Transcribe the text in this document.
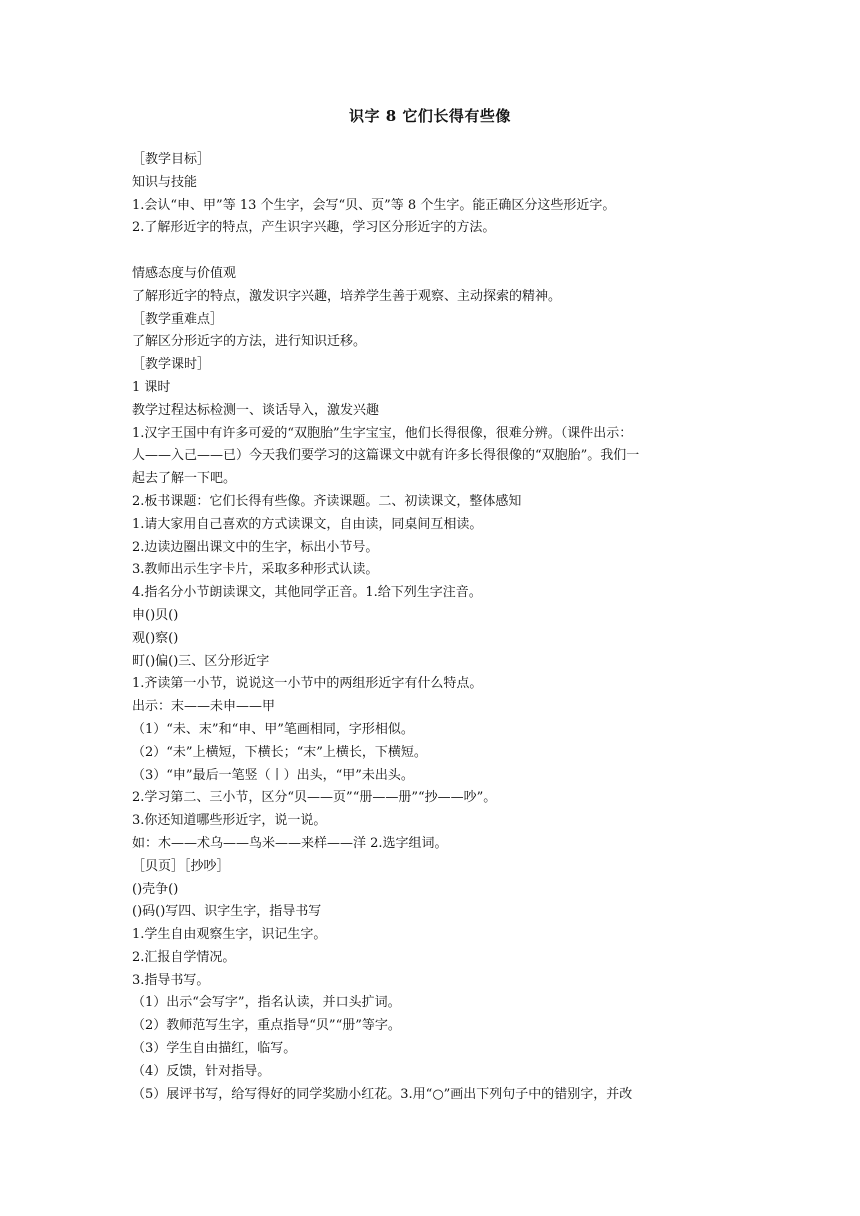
识字 8 它们长得有些像
［教学目标］
知识与技能
1.会认“申、甲”等 13 个生字，会写“贝、页”等 8 个生字。能正确区分这些形近字。
2.了解形近字的特点，产生识字兴趣，学习区分形近字的方法。
情感态度与价值观
了解形近字的特点，激发识字兴趣，培养学生善于观察、主动探索的精神。
［教学重难点］
了解区分形近字的方法，进行知识迁移。
［教学课时］
1 课时
教学过程达标检测一、谈话导入，激发兴趣
1.汉字王国中有许多可爱的“双胞胎”生字宝宝，他们长得很像，很难分辨。（课件出示：
人——入己——已）今天我们要学习的这篇课文中就有许多长得很像的“双胞胎”。我们一
起去了解一下吧。
2.板书课题：它们长得有些像。齐读课题。二、初读课文，整体感知
1.请大家用自己喜欢的方式读课文，自由读，同桌间互相读。
2.边读边圈出课文中的生字，标出小节号。
3.教师出示生字卡片，采取多种形式认读。
4.指名分小节朗读课文，其他同学正音。1.给下列生字注音。
申()贝()
观()察()
町()偏()三、区分形近字
1.齐读第一小节，说说这一小节中的两组形近字有什么特点。
出示：末——未申——甲
（1）“未、末”和“申、甲”笔画相同，字形相似。
（2）“未”上横短，下横长；“末”上横长，下横短。
（3）“申”最后一笔竖（丨）出头，“甲”未出头。
2.学习第二、三小节，区分“贝——页”“册——册”“抄——吵”。
3.你还知道哪些形近字，说一说。
如：木——术乌——鸟米——来样——洋 2.选字组词。
［贝页］［抄吵］
()壳争()
()码()写四、识字生字，指导书写
1.学生自由观察生字，识记生字。
2.汇报自学情况。
3.指导书写。
（1）出示“会写字”，指名认读，并口头扩词。
（2）教师范写生字，重点指导“贝”“册”等字。
（3）学生自由描红，临写。
（4）反馈，针对指导。
（5）展评书写，给写得好的同学奖励小红花。3.用“○”画出下列句子中的错别字，并改
